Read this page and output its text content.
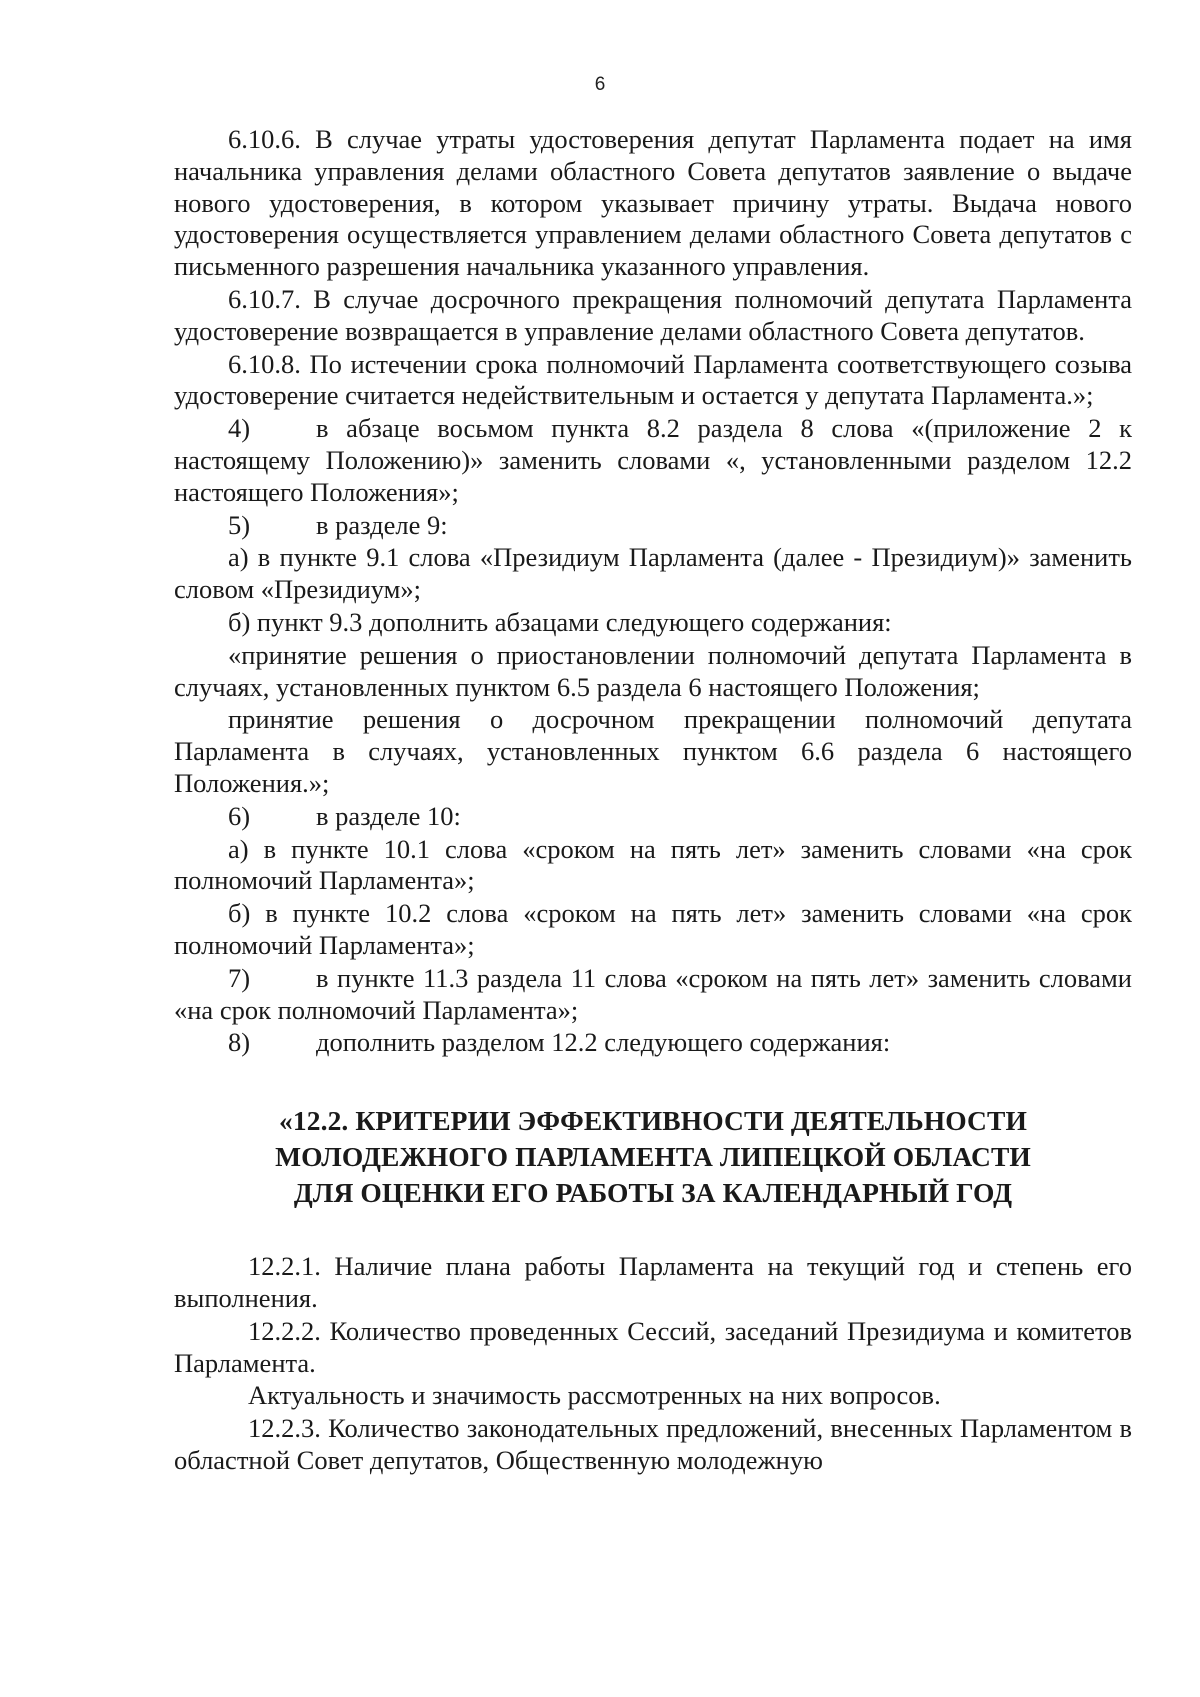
6

6.10.6. В случае утраты удостоверения депутат Парламента подает на имя начальника управления делами областного Совета депутатов заявление о выдаче нового удостоверения, в котором указывает причину утраты. Выдача нового удостоверения осуществляется управлением делами областного Совета депутатов с письменного разрешения начальника указанного управления.

6.10.7. В случае досрочного прекращения полномочий депутата Парламента удостоверение возвращается в управление делами областного Совета депутатов.

6.10.8. По истечении срока полномочий Парламента соответствующего созыва удостоверение считается недействительным и остается у депутата Парламента.»;

4) в абзаце восьмом пункта 8.2 раздела 8 слова «(приложение 2 к настоящему Положению)» заменить словами «, установленными разделом 12.2 настоящего Положения»;

5) в разделе 9:

а) в пункте 9.1 слова «Президиум Парламента (далее - Президиум)» заменить словом «Президиум»;

б) пункт 9.3 дополнить абзацами следующего содержания:

«принятие решения о приостановлении полномочий депутата Парламента в случаях, установленных пунктом 6.5 раздела 6 настоящего Положения;

принятие решения о досрочном прекращении полномочий депутата Парламента в случаях, установленных пунктом 6.6 раздела 6 настоящего Положения.»;

6) в разделе 10:

а) в пункте 10.1 слова «сроком на пять лет» заменить словами «на срок полномочий Парламента»;

б) в пункте 10.2 слова «сроком на пять лет» заменить словами «на срок полномочий Парламента»;

7) в пункте 11.3 раздела 11 слова «сроком на пять лет» заменить словами «на срок полномочий Парламента»;

8) дополнить разделом 12.2 следующего содержания:

«12.2. КРИТЕРИИ ЭФФЕКТИВНОСТИ ДЕЯТЕЛЬНОСТИ
МОЛОДЕЖНОГО ПАРЛАМЕНТА ЛИПЕЦКОЙ ОБЛАСТИ
ДЛЯ ОЦЕНКИ ЕГО РАБОТЫ ЗА КАЛЕНДАРНЫЙ ГОД

12.2.1. Наличие плана работы Парламента на текущий год и степень его выполнения.

12.2.2. Количество проведенных Сессий, заседаний Президиума и комитетов Парламента.

Актуальность и значимость рассмотренных на них вопросов.

12.2.3. Количество законодательных предложений, внесенных Парламентом в областной Совет депутатов, Общественную молодежную
